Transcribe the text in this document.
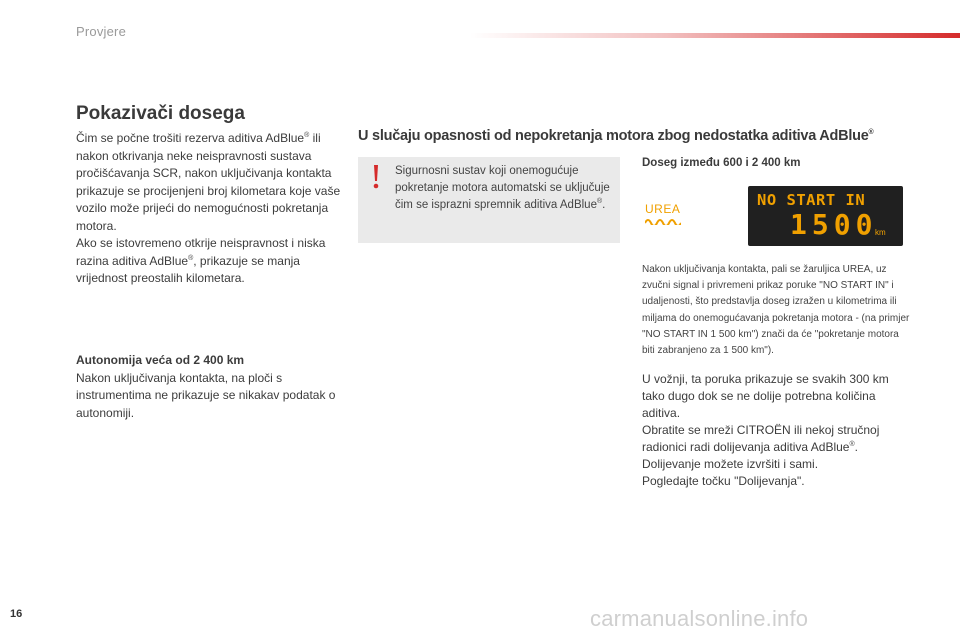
Provjere
Pokazivači dosega

Čim se počne trošiti rezerva aditiva AdBlue® ili nakon otkrivanja neke neispravnosti sustava pročišćavanja SCR, nakon uključivanja kontakta prikazuje se procijenjeni broj kilometara koje vaše vozilo može prijeći do nemogućnosti pokretanja motora.

Ako se istovremeno otkrije neispravnost i niska razina aditiva AdBlue®, prikazuje se manja vrijednost preostalih kilometara.

Autonomija veća od 2 400 km
Nakon uključivanja kontakta, na ploči s instrumentima ne prikazuje se nikakav podatak o autonomiji.
U slučaju opasnosti od nepokretanja motora zbog nedostatka aditiva AdBlue®
Sigurnosni sustav koji onemogućuje pokretanje motora automatski se uključuje čim se isprazni spremnik aditiva AdBlue®.
Doseg između 600 i 2 400 km
UREA	NO START IN
1500
km
Nakon uključivanja kontakta, pali se žaruljica UREA, uz zvučni signal i privremeni prikaz poruke "NO START IN" i udaljenosti, što predstavlja doseg izražen u kilometrima ili miljama do onemogućavanja pokretanja motora - (na primjer "NO START IN 1 500 km") znači da će "pokretanje motora biti zabranjeno za 1 500 km").
U vožnji, ta poruka prikazuje se svakih 300 km tako dugo dok se ne dolije potrebna količina aditiva.
Obratite se mreži CITROËN ili nekoj stručnoj radionici radi dolijevanja aditiva AdBlue®.
Dolijevanje možete izvršiti i sami.
Pogledajte točku "Dolijevanja".
16	carmanualsonline.info
